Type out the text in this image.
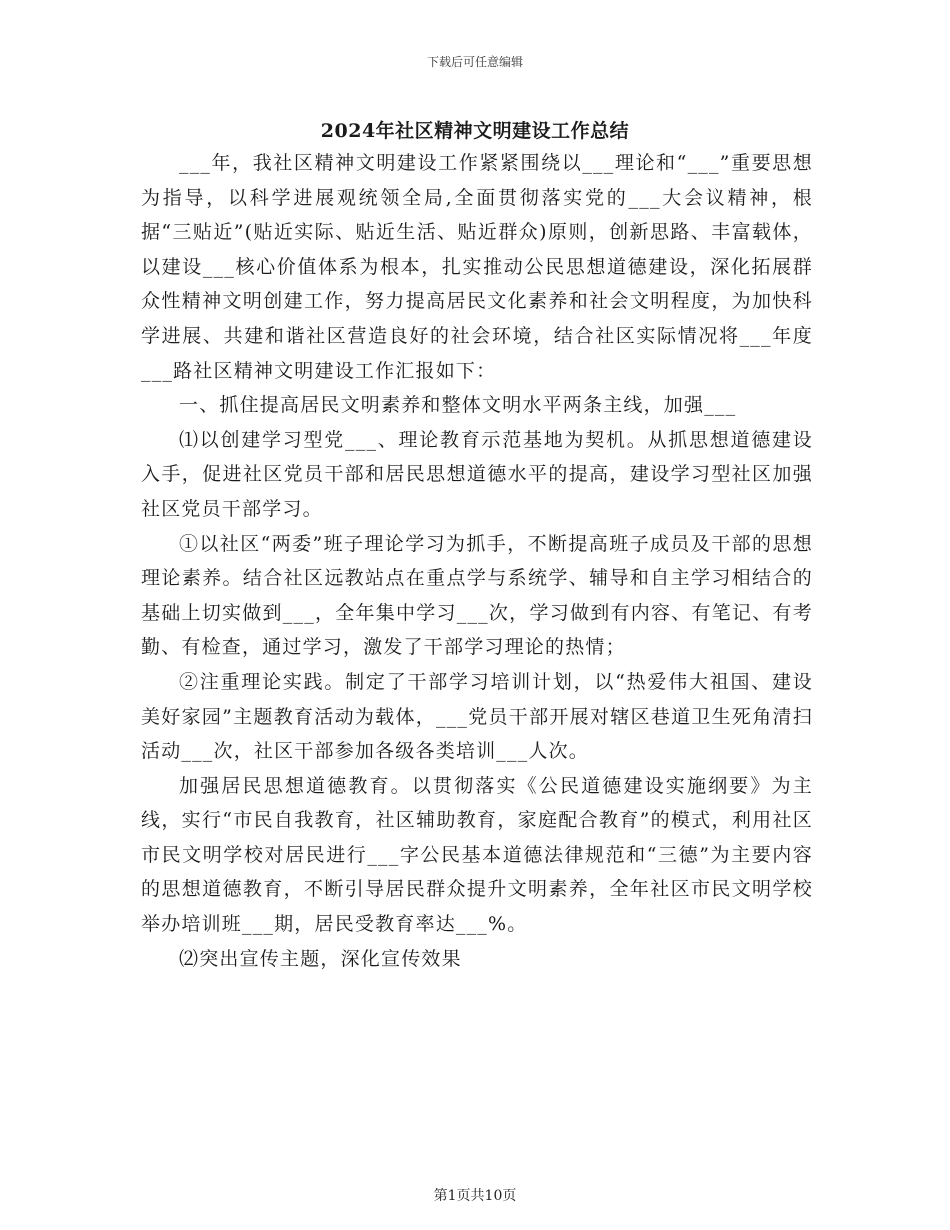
下载后可任意编辑
2024年社区精神文明建设工作总结

___年，我社区精神文明建设工作紧紧围绕以___理论和“___”重要思想为指导，以科学进展观统领全局,全面贯彻落实党的___大会议精神，根据“三贴近”(贴近实际、贴近生活、贴近群众)原则，创新思路、丰富载体，以建设___核心价值体系为根本，扎实推动公民思想道德建设，深化拓展群众性精神文明创建工作，努力提高居民文化素养和社会文明程度，为加快科学进展、共建和谐社区营造良好的社会环境，结合社区实际情况将___年度___路社区精神文明建设工作汇报如下：

一、抓住提高居民文明素养和整体文明水平两条主线，加强___

⑴以创建学习型党___、理论教育示范基地为契机。从抓思想道德建设入手，促进社区党员干部和居民思想道德水平的提高，建设学习型社区加强社区党员干部学习。

①以社区“两委”班子理论学习为抓手，不断提高班子成员及干部的思想理论素养。结合社区远教站点在重点学与系统学、辅导和自主学习相结合的基础上切实做到___，全年集中学习___次，学习做到有内容、有笔记、有考勤、有检查，通过学习，激发了干部学习理论的热情；

②注重理论实践。制定了干部学习培训计划，以“热爱伟大祖国、建设美好家园”主题教育活动为载体，___党员干部开展对辖区巷道卫生死角清扫活动___次，社区干部参加各级各类培训___人次。

加强居民思想道德教育。以贯彻落实《公民道德建设实施纲要》为主线，实行“市民自我教育，社区辅助教育，家庭配合教育”的模式，利用社区市民文明学校对居民进行___字公民基本道德法律规范和“三德”为主要内容的思想道德教育，不断引导居民群众提升文明素养，全年社区市民文明学校举办培训班___期，居民受教育率达___%。

⑵突出宣传主题，深化宣传效果

第1页共10页
